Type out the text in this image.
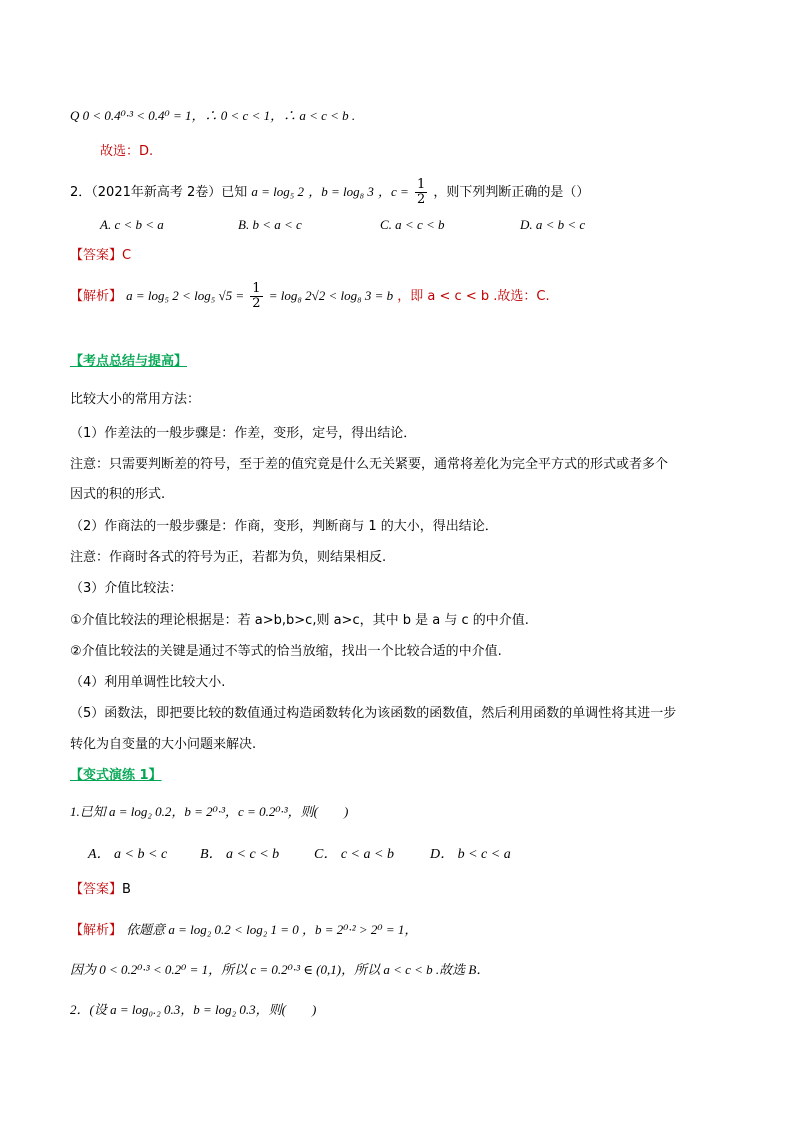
Q 0 < 0.4⁰·³ < 0.4⁰ = 1，∴ 0 < c < 1，∴ a < c < b .
故选：D.
2．（2021年新高考 2卷）已知 a = log₅ 2 ，b = log₈ 3 ，$c = \frac{1}{2}$ ，则下列判断正确的是（）
A. c < b < a	B. b < a < c	C. a < c < b	D. a < b < c
【答案】C
【解析】 a = log₅ 2 < log₅ $√5 = \frac{1}{2} = \log_8$ 2√2 < log₈ 3 = b ，即 a < c < b .故选：C.
【考点总结与提高】
比较大小的常用方法：
（1）作差法的一般步骤是：作差，变形，定号，得出结论．
注意：只需要判断差的符号，至于差的值究竟是什么无关紧要，通常将差化为完全平方式的形式或者多个
因式的积的形式.
（2）作商法的一般步骤是：作商，变形，判断商与 1 的大小，得出结论．
注意：作商时各式的符号为正，若都为负，则结果相反.
（3）介值比较法：
①介值比较法的理论根据是：若 a>b,b>c,则 a>c，其中 b 是 a 与 c 的中介值.
②介值比较法的关键是通过不等式的恰当放缩，找出一个比较合适的中介值.
（4）利用单调性比较大小.
（5）函数法，即把要比较的数值通过构造函数转化为该函数的函数值，然后利用函数的单调性将其进一步
转化为自变量的大小问题来解决.
【变式演练 1】
1.已知 a = log₂ 0.2，b = 2⁰·³，c = 0.2⁰·³，则(　　)
A． a < b < c B． a < c < b C． c < a < b	D． b < c < a
【答案】B
【解析】 依题意 a = log₂ 0.2 < log₂ 1 = 0 ，b = 2⁰·² > 2⁰ = 1，
因为 0 < 0.2⁰·³ < 0.2⁰ = 1，所以 c = 0.2⁰·³ ∈ (0,1)，所以 a < c < b .故选 B．
2．(设 a = log₀.₂ 0.3，b = log₂ 0.3，则(　　)
